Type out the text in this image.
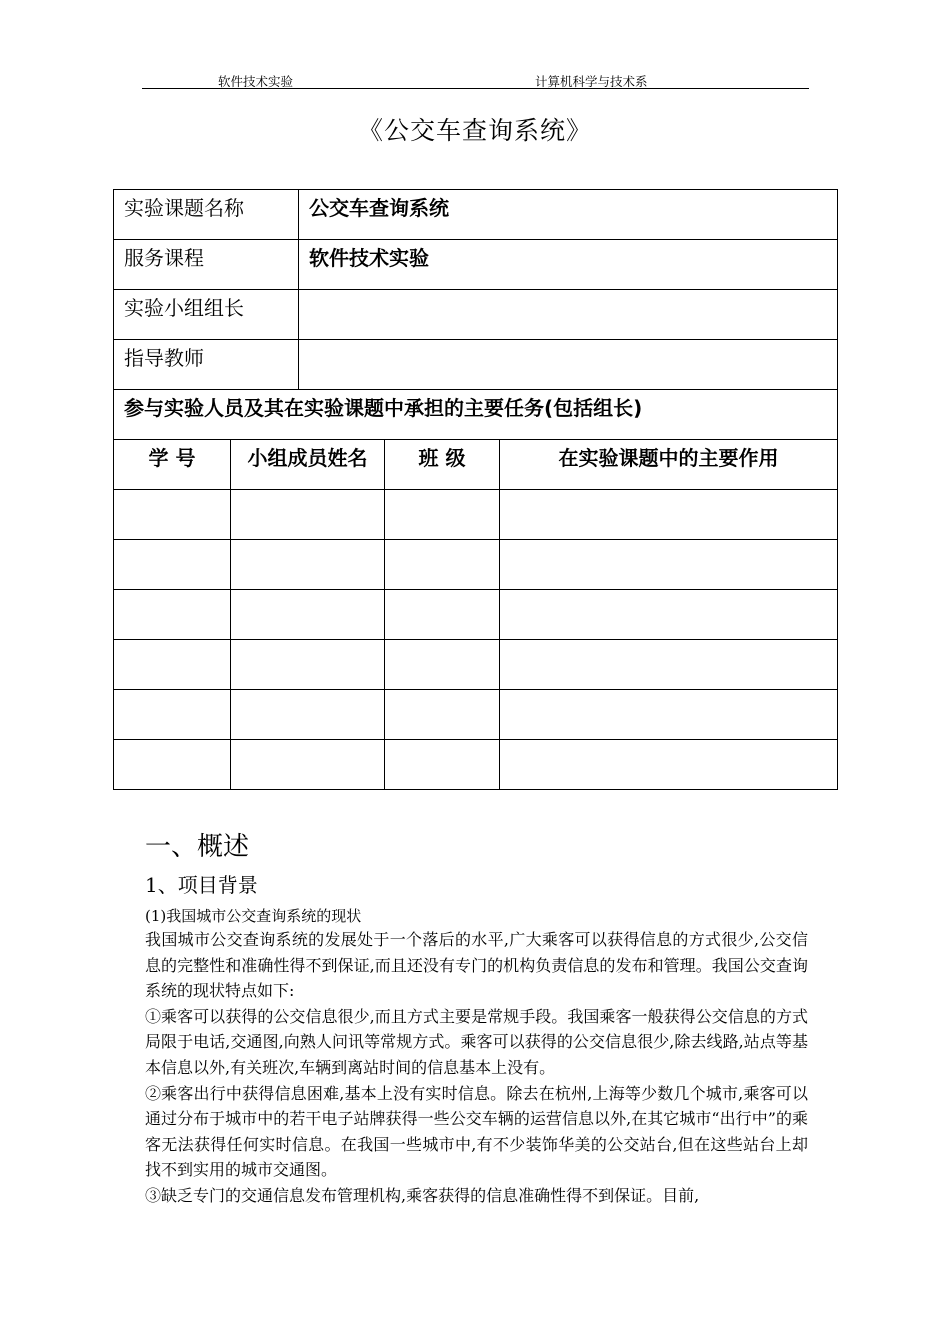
软件技术实验	计算机科学与技术系
《公交车查询系统》
实验课题名称		公交车查询系统		

服务课程		软件技术实验		

实验小组组长				

指导教师				

参与实验人员及其在实验课题中承担的主要任务(包括组长)				

学 号	小组成员姓名		班 级	在实验课题中的主要作用

一、概述
1、项目背景
(1)我国城市公交查询系统的现状

我国城市公交查询系统的发展处于一个落后的水平,广大乘客可以获得信息的方式很少,公交信息的完整性和准确性得不到保证,而且还没有专门的机构负责信息的发布和管理。我国公交查询系统的现状特点如下:

①乘客可以获得的公交信息很少,而且方式主要是常规手段。我国乘客一般获得公交信息的方式局限于电话,交通图,向熟人问讯等常规方式。乘客可以获得的公交信息很少,除去线路,站点等基本信息以外,有关班次,车辆到离站时间的信息基本上没有。

②乘客出行中获得信息困难,基本上没有实时信息。除去在杭州,上海等少数几个城市,乘客可以通过分布于城市中的若干电子站牌获得一些公交车辆的运营信息以外,在其它城市“出行中”的乘客无法获得任何实时信息。在我国一些城市中,有不少装饰华美的公交站台,但在这些站台上却找不到实用的城市交通图。

③缺乏专门的交通信息发布管理机构,乘客获得的信息准确性得不到保证。目前,
